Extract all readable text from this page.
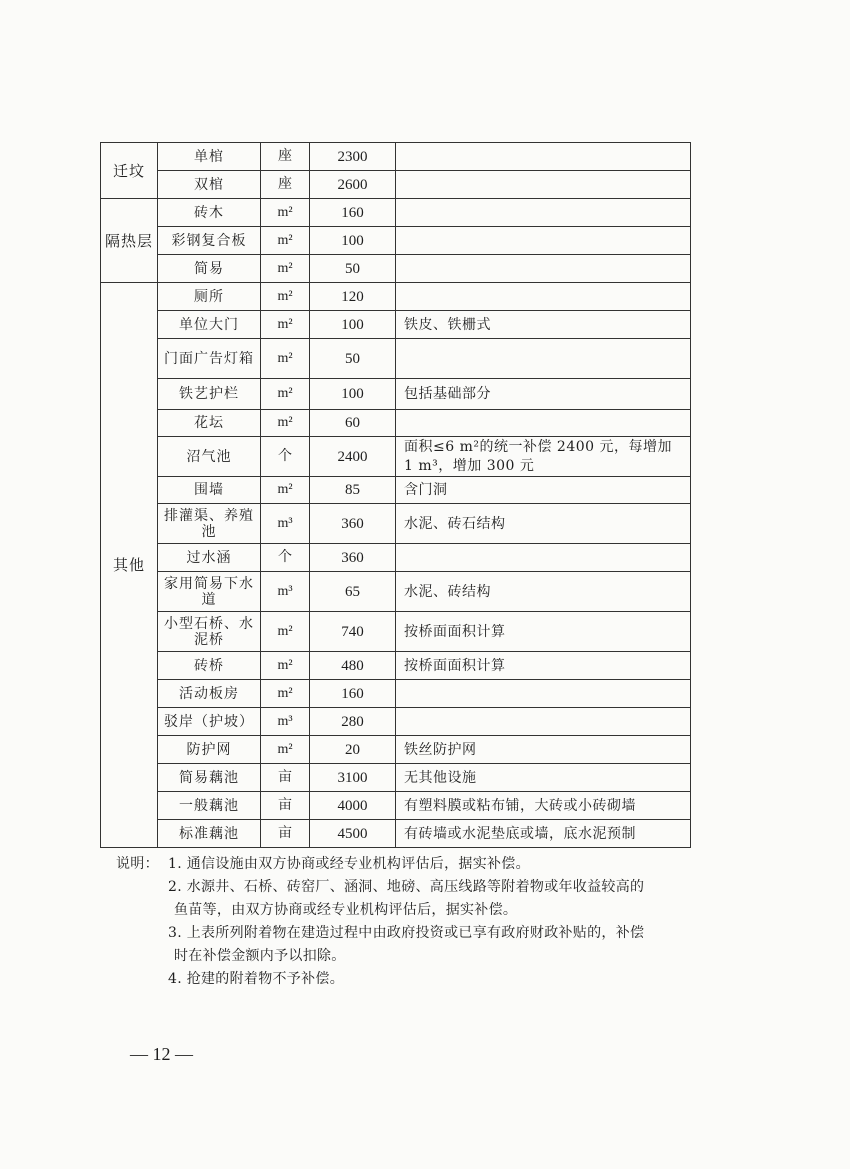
迁坟	单棺	座	2300	
	双棺	座	2600	
隔热层	砖木	m²	160	
	彩钢复合板	m²	100	
	简易	m²	50	
其他	厕所	m²	120	
	单位大门	m²	100	铁皮、铁栅式
	门面广告灯箱	m²	50	
	铁艺护栏	m²	100	包括基础部分
	花坛	m²	60	
	沼气池	个	2400	面积≤6 m²的统一补偿 2400 元，每增加 1 m³，增加 300 元
	围墙	m²	85	含门洞
	排灌渠、养殖池	m³	360	水泥、砖石结构
	过水涵	个	360	
	家用简易下水道	m³	65	水泥、砖结构
	小型石桥、水泥桥	m²	740	按桥面面积计算
	砖桥	m²	480	按桥面面积计算
	活动板房	m²	160	
	驳岸（护坡）	m³	280	
	防护网	m²	20	铁丝防护网
	简易藕池	亩	3100	无其他设施
	一般藕池	亩	4000	有塑料膜或粘布铺，大砖或小砖砌墙
	标准藕池	亩	4500	有砖墙或水泥垫底或墙，底水泥预制
说明： 1. 通信设施由双方协商或经专业机构评估后，据实补偿。
2. 水源井、石桥、砖窑厂、涵洞、地磅、高压线路等附着物或年收益较高的
鱼苗等，由双方协商或经专业机构评估后，据实补偿。
3. 上表所列附着物在建造过程中由政府投资或已享有政府财政补贴的，补偿
时在补偿金额内予以扣除。
4. 抢建的附着物不予补偿。
— 12 —
